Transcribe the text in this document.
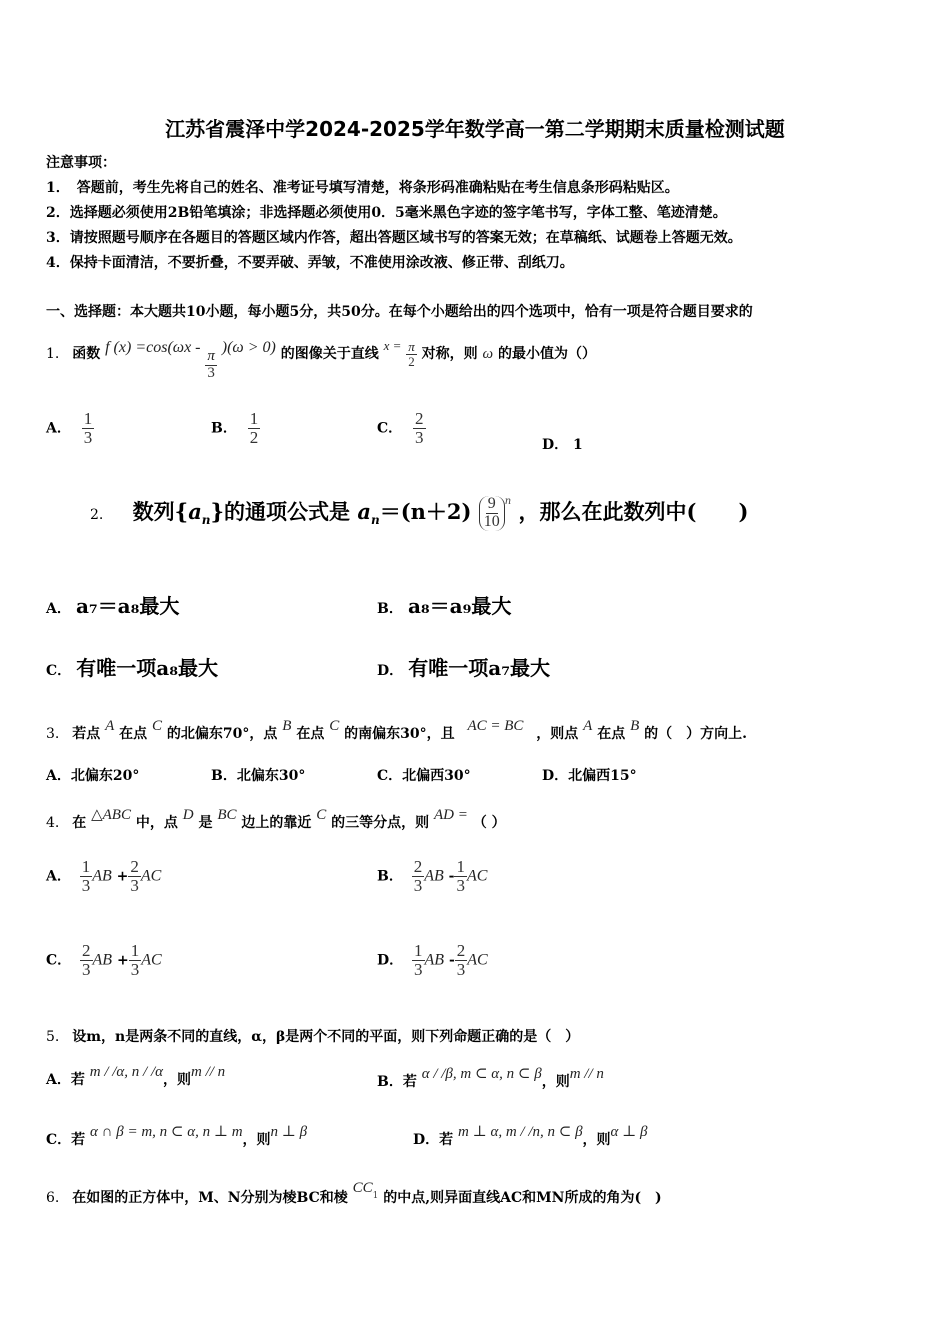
江苏省震泽中学2024-2025学年数学高一第二学期期末质量检测试题
注意事项：
1．　答题前，考生先将自己的姓名、准考证号填写清楚，将条形码准确粘贴在考生信息条形码粘贴区。
2．选择题必须使用2B铅笔填涂；非选择题必须使用0．5毫米黑色字迹的签字笔书写，字体工整、笔迹清楚。
3．请按照题号顺序在各题目的答题区域内作答，超出答题区域书写的答案无效；在草稿纸、试题卷上答题无效。
4．保持卡面清洁，不要折叠，不要弄破、弄皱，不准使用涂改液、修正带、刮纸刀。
一、选择题：本大题共10小题，每小题5分，共50分。在每个小题给出的四个选项中，恰有一项是符合题目要求的
1. 函数 f (x) =cos(ωx -
$\frac{\pi}{3}$
)(ω > 0) 的图像关于直线 $x = \frac{\pi}{2}$ 对称，则 ω 的最小值为（）
A． $\frac{1}{3}$	B． $\frac{1}{2}$	C． $\frac{2}{3}$	D． 1
2. 数列$\{a_n\}$的通项公式是 $a_n=(n+2) \frac{9}{10} ^n$ ，那么在此数列中(　　)
A． a₇＝a₈最大	B． a₈＝a₉最大
C． 有唯一项a₈最大	D． 有唯一项a₇最大
3. 若点 A 在点 C 的北偏东70°，点 B 在点 C 的南偏东30°，且 AC = BC ，则点 A 在点 B 的（　）方向上.
A．北偏东20°	B．北偏东30°	C．北偏西30°	D．北偏西15°
4. 在 △ABC 中，点 D 是 BC 边上的靠近 C 的三等分点，则 AD = （ ）
A． $\frac{1}{3}$ AB + $\frac{2}{3}$ AC	B． $\frac{2}{3}$ AB - $\frac{1}{3}$ AC
C． $\frac{2}{3}$ AB + $\frac{1}{3}$ AC	D． $\frac{1}{3}$ AB - $\frac{2}{3}$ AC
5. 设m，n是两条不同的直线，α，β是两个不同的平面，则下列命题正确的是（　）
A．若 m / /α, n / /α，则m // n
B．若 α / /β, m ⊂ α, n ⊂ β，则m // n
C．若 α ∩ β = m, n ⊂ α, n ⊥ m，则n ⊥ β	D．若 m ⊥ α, m / /n, n ⊂ β，则α ⊥ β
6. 在如图的正方体中，M、N分别为棱BC和棱 $CC_1$ 的中点,则异面直线AC和MN所成的角为(　)
